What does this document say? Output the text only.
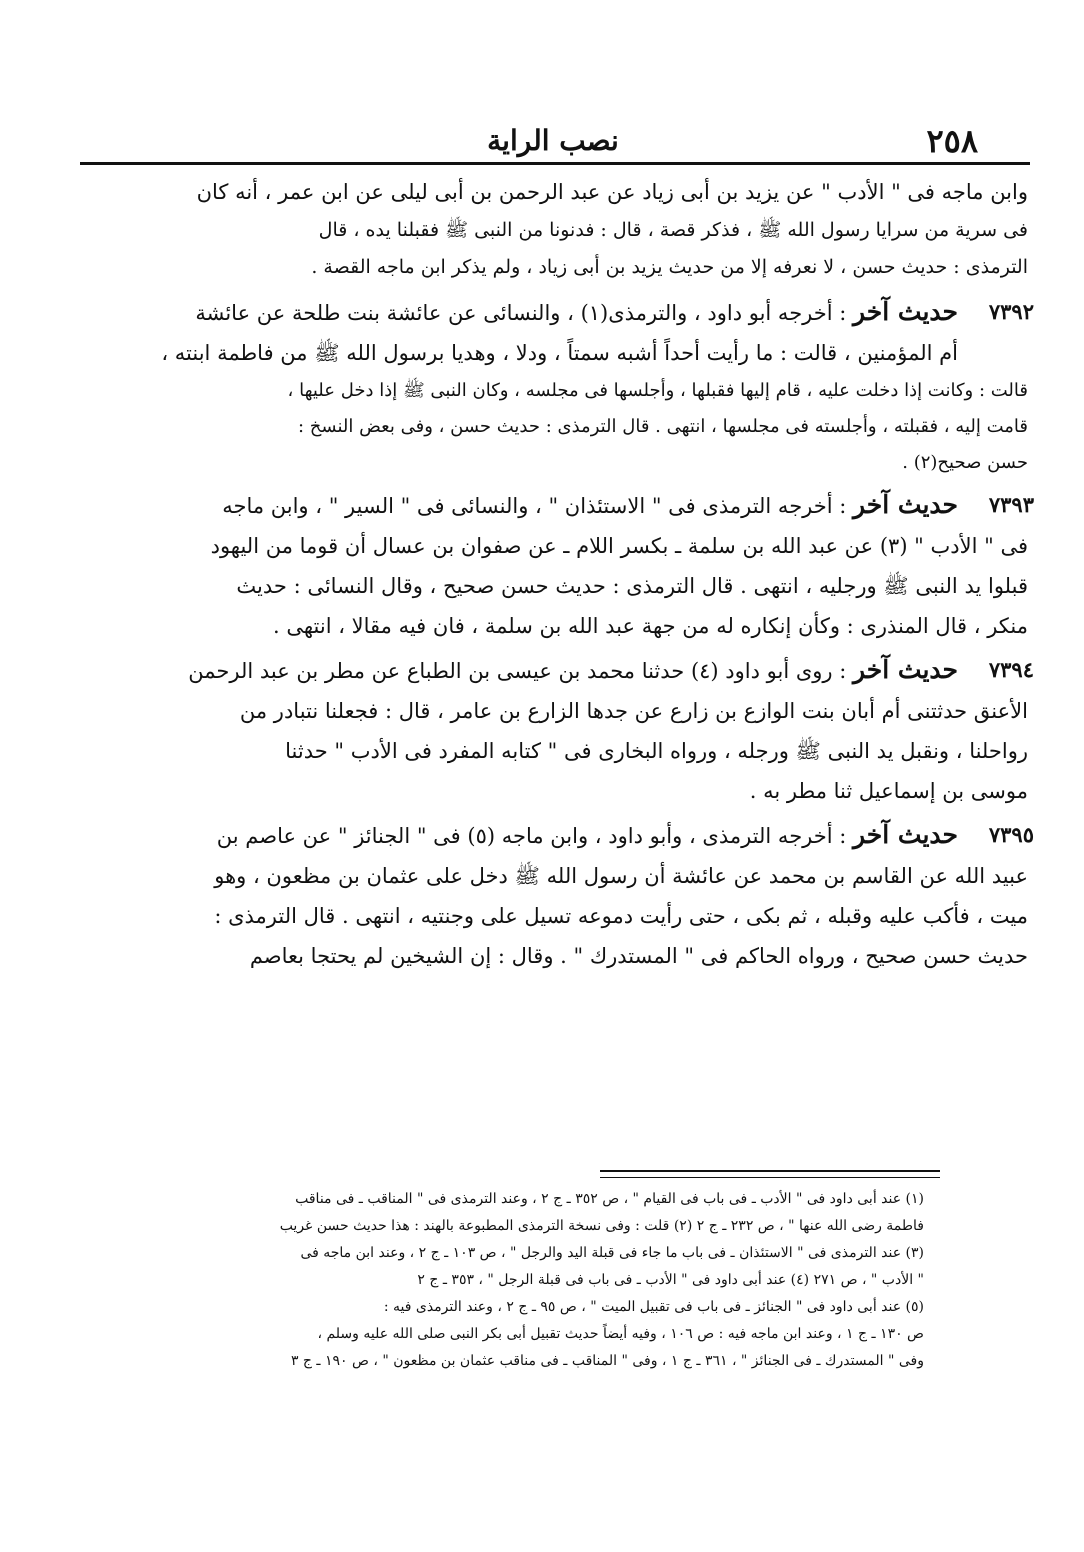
٢٥٨
نصب الراية
وابن ماجه فى " الأدب " عن يزيد بن أبى زياد عن عبد الرحمن بن أبى ليلى عن ابن عمر ، أنه كان
فى سرية من سرايا رسول الله ﷺ ، فذكر قصة ، قال : فدنونا من النبى ﷺ فقبلنا يده ، قال
الترمذى : حديث حسن ، لا نعرفه إلا من حديث يزيد بن أبى زياد ، ولم يذكر ابن ماجه القصة .
٧٣٩٢
حديث آخر : أخرجه أبو داود ، والترمذى(١) ، والنسائى عن عائشة بنت طلحة عن عائشة
أم المؤمنين ، قالت : ما رأيت أحداً أشبه سمتاً ، ودلا ، وهديا برسول الله ﷺ من فاطمة ابنته ،
قالت : وكانت إذا دخلت عليه ، قام إليها فقبلها ، وأجلسها فى مجلسه ، وكان النبى ﷺ إذا دخل عليها ،
قامت إليه ، فقبلته ، وأجلسته فى مجلسها ، انتهى . قال الترمذى : حديث حسن ، وفى بعض النسخ :
حسن صحيح(٢) .
٧٣٩٣
حديث آخر : أخرجه الترمذى فى " الاستئذان " ، والنسائى فى " السير " ، وابن ماجه
فى " الأدب " (٣) عن عبد الله بن سلمة ـ بكسر اللام ـ عن صفوان بن عسال أن قوما من اليهود
قبلوا يد النبى ﷺ ورجليه ، انتهى . قال الترمذى : حديث حسن صحيح ، وقال النسائى : حديث
منكر ، قال المنذرى : وكأن إنكاره له من جهة عبد الله بن سلمة ، فان فيه مقالا ، انتهى .
٧٣٩٤
حديث آخر : روى أبو داود (٤) حدثنا محمد بن عيسى بن الطباع عن مطر بن عبد الرحمن
الأعنق حدثتنى أم أبان بنت الوازع بن زارع عن جدها الزارع بن عامر ، قال : فجعلنا نتبادر من
رواحلنا ، ونقبل يد النبى ﷺ ورجله ، ورواه البخارى فى " كتابه المفرد فى الأدب " حدثنا
موسى بن إسماعيل ثنا مطر به .
٧٣٩٥
حديث آخر : أخرجه الترمذى ، وأبو داود ، وابن ماجه (٥) فى " الجنائز " عن عاصم بن
عبيد الله عن القاسم بن محمد عن عائشة أن رسول الله ﷺ دخل على عثمان بن مظعون ، وهو
ميت ، فأكب عليه وقبله ، ثم بكى ، حتى رأيت دموعه تسيل على وجنتيه ، انتهى . قال الترمذى :
حديث حسن صحيح ، ورواه الحاكم فى " المستدرك " . وقال : إن الشيخين لم يحتجا بعاصم
(١) عند أبى داود فى " الأدب ـ فى باب فى القيام " ، ص ٣٥٢ ـ ج ٢ ، وعند الترمذى فى " المناقب ـ فى مناقب
فاطمة رضى الله عنها " ، ص ٢٣٢ ـ ج ٢ (٢) قلت : وفى نسخة الترمذى المطبوعة بالهند : هذا حديث حسن غريب
(٣) عند الترمذى فى " الاستئذان ـ فى باب ما جاء فى قبلة اليد والرجل " ، ص ١٠٣ ـ ج ٢ ، وعند ابن ماجه فى
" الأدب " ، ص ٢٧١ (٤) عند أبى داود فى " الأدب ـ فى باب فى قبلة الرجل " ، ٣٥٣ ـ ج ٢
(٥) عند أبى داود فى " الجنائز ـ فى باب فى تقبيل الميت " ، ص ٩٥ ـ ج ٢ ، وعند الترمذى فيه :
ص ١٣٠ ـ ج ١ ، وعند ابن ماجه فيه : ص ١٠٦ ، وفيه أيضاً حديث تقبيل أبى بكر النبى صلى الله عليه وسلم ،
وفى " المستدرك ـ فى الجنائز " ، ٣٦١ ـ ج ١ ، وفى " المناقب ـ فى مناقب عثمان بن مظعون " ، ص ١٩٠ ـ ج ٣
